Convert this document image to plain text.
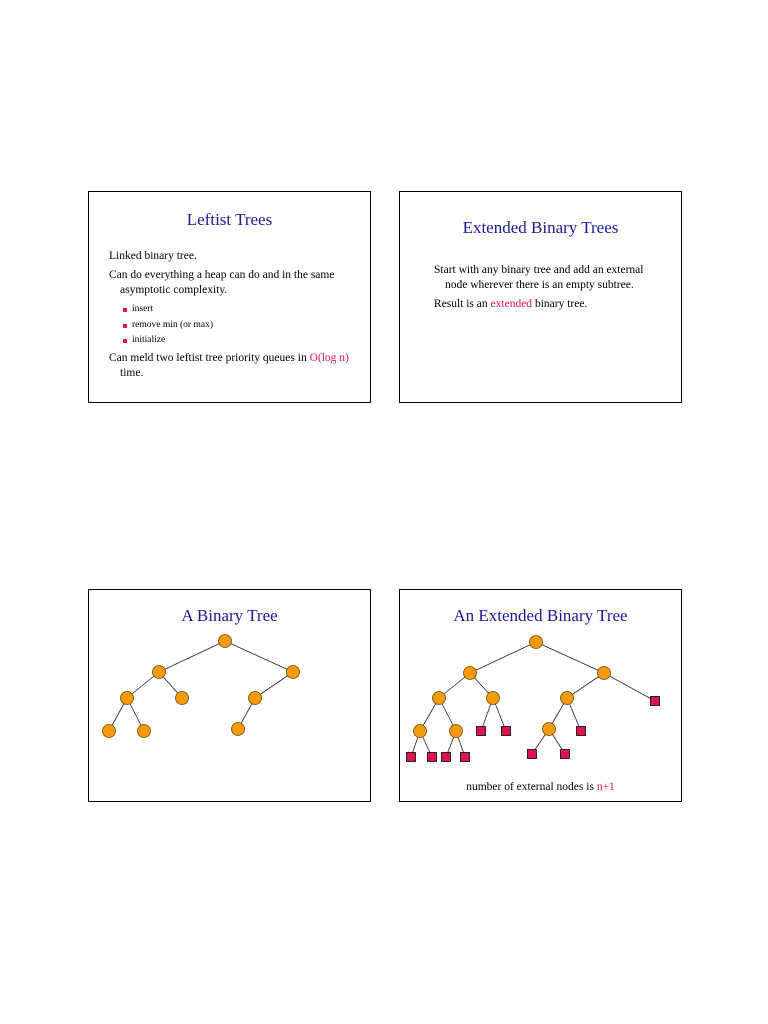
Leftist Trees

Linked binary tree.

Can do everything a heap can do and in the same asymptotic complexity.

insert
remove min (or max)
initialize

Can meld two leftist tree priority queues in O(log n) time.

Extended Binary Trees

Start with any binary tree and add an external node wherever there is an empty subtree.

Result is an extended binary tree.

A Binary Tree	An Extended Binary Tree
number of external nodes is n+1
